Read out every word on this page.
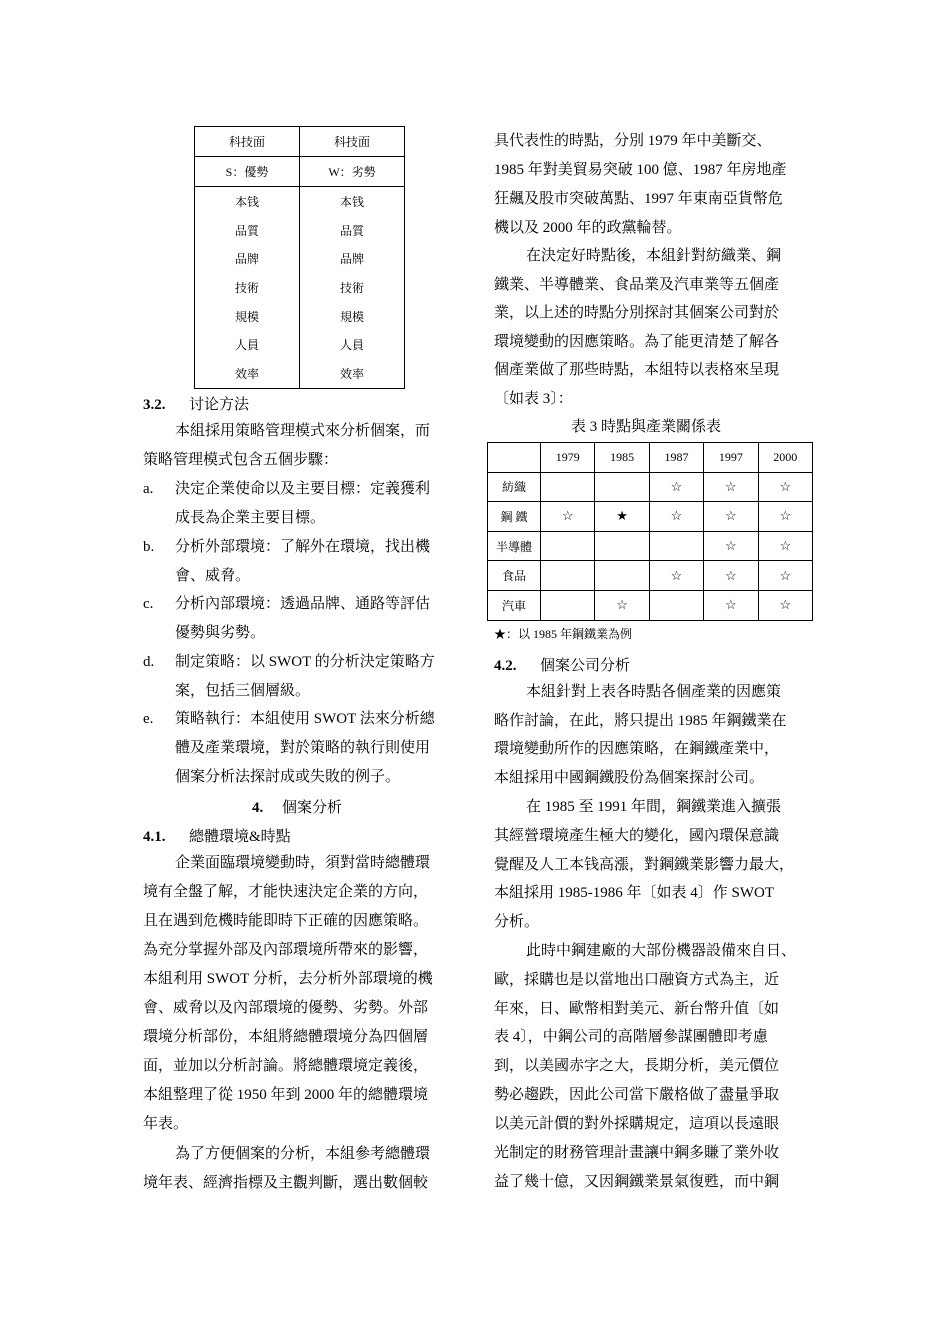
科技面	科技面
S：優勢	W：劣勢
本钱	本钱
品質	品質
品牌	品牌
技術	技術
規模	規模
人員	人員
效率	效率
3.2. 讨论方法
本組採用策略管理模式來分析個案，而
策略管理模式包含五個步驟：
a. 決定企業使命以及主要目標：定義獲利
成長為企業主要目標。
b. 分析外部環境：了解外在環境，找出機
會、威脅。
c. 分析內部環境：透過品牌、通路等評估
優勢與劣勢。
d. 制定策略：以 SWOT 的分析決定策略方
案，包括三個層級。
e. 策略執行：本組使用 SWOT 法來分析總
體及產業環境，對於策略的執行則使用
個案分析法探討成或失敗的例子。
4. 個案分析
4.1. 總體環境&時點
企業面臨環境變動時，須對當時總體環
境有全盤了解，才能快速決定企業的方向，
且在遇到危機時能即時下正確的因應策略。
為充分掌握外部及內部環境所帶來的影響，
本組利用 SWOT 分析，去分析外部環境的機
會、威脅以及內部環境的優勢、劣勢。外部
環境分析部份，本組將總體環境分為四個層
面，並加以分析討論。將總體環境定義後，
本組整理了從 1950 年到 2000 年的總體環境
年表。
為了方便個案的分析，本組參考總體環
境年表、經濟指標及主觀判斷，選出數個較
具代表性的時點，分別 1979 年中美斷交、
1985 年對美貿易突破 100 億、1987 年房地產
狂飆及股市突破萬點、1997 年東南亞貨幣危
機以及 2000 年的政黨輪替。
在決定好時點後，本組針對紡織業、鋼
鐵業、半導體業、食品業及汽車業等五個產
業，以上述的時點分別探討其個案公司對於
環境變動的因應策略。為了能更清楚了解各
個產業做了那些時點，本組特以表格來呈現
〔如表 3〕：
表 3 時點與產業關係表
	1979	1985	1987	1997	2000
紡織			☆	☆	☆
鋼 鐵	☆	★	☆	☆	☆
半導體				☆	☆
食品			☆	☆	☆
汽車		☆		☆	☆
★：以 1985 年鋼鐵業為例
4.2. 個案公司分析
本組針對上表各時點各個產業的因應策
略作討論，在此，將只提出 1985 年鋼鐵業在
環境變動所作的因應策略，在鋼鐵產業中，
本組採用中國鋼鐵股份為個案探討公司。
在 1985 至 1991 年間，鋼鐵業進入擴張
其經營環境產生極大的變化，國內環保意識
覺醒及人工本钱高漲，對鋼鐵業影響力最大，
本組採用 1985-1986 年〔如表 4〕作 SWOT
分析。
此時中鋼建廠的大部份機器設備來自日、
歐，採購也是以當地出口融資方式為主，近
年來，日、歐幣相對美元、新台幣升值〔如
表 4〕，中鋼公司的高階層參謀團體即考慮
到，以美國赤字之大，長期分析，美元價位
勢必趨跌，因此公司當下嚴格做了盡量爭取
以美元計價的對外採購規定，這項以長遠眼
光制定的財務管理計畫讓中鋼多賺了業外收
益了幾十億，又因鋼鐵業景氣復甦，而中鋼
